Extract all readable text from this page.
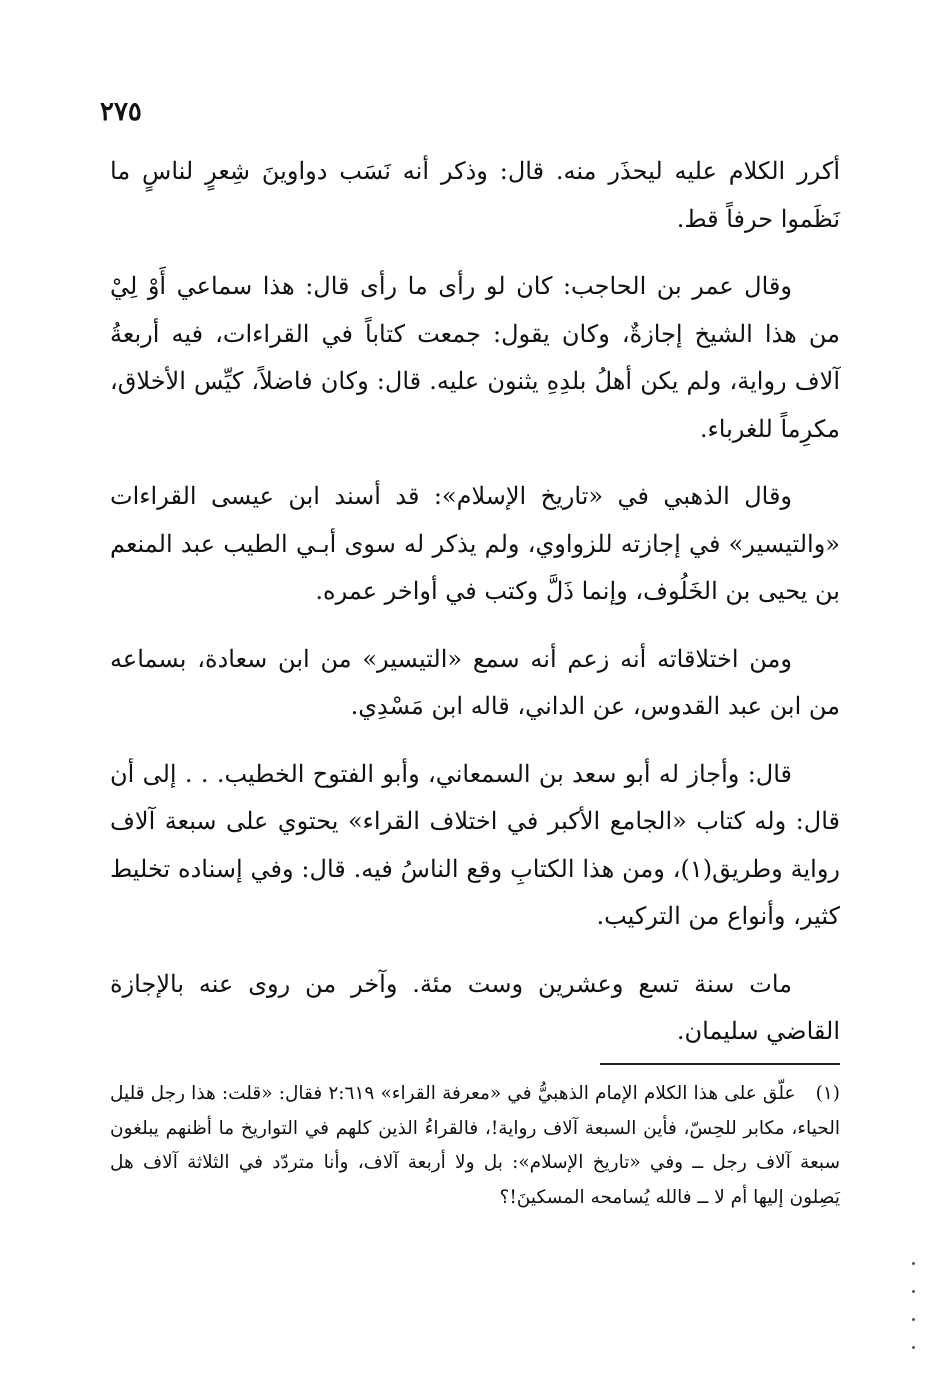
٢٧٥

أكرر الكلام عليه ليحذَر منه. قال: وذكر أنه نَسَب دواوينَ شِعرٍ لناسٍ ما نَظَموا حرفاً قط.

وقال عمر بن الحاجب: كان لو رأى ما رأى قال: هذا سماعي أَوْ لِيْ من هذا الشيخ إجازةٌ، وكان يقول: جمعت كتاباً في القراءات، فيه أربعةُ آلاف رواية، ولم يكن أهلُ بلدِهِ يثنون عليه. قال: وكان فاضلاً، كيِّس الأخلاق، مكرِماً للغرباء.

وقال الذهبي في «تاريخ الإسلام»: قد أسند ابن عيسى القراءات «والتيسير» في إجازته للزواوي، ولم يذكر له سوى أبـي الطيب عبد المنعم بن يحيى بن الخَلُوف، وإنما ذَلَّ وكتب في أواخر عمره.

ومن اختلاقاته أنه زعم أنه سمع «التيسير» من ابن سعادة، بسماعه من ابن عبد القدوس، عن الداني، قاله ابن مَسْدِي.

قال: وأجاز له أبو سعد بن السمعاني، وأبو الفتوح الخطيب. . . إلى أن قال: وله كتاب «الجامع الأكبر في اختلاف القراء» يحتوي على سبعة آلاف رواية وطريق(١)، ومن هذا الكتابِ وقع الناسُ فيه. قال: وفي إسناده تخليط كثير، وأنواع من التركيب.

مات سنة تسع وعشرين وست مئة. وآخر من روى عنه بالإجازة القاضي سليمان.

(١) علّق على هذا الكلام الإمام الذهبيُّ في «معرفة القراء» ٢:٦١٩ فقال: «قلت: هذا رجل قليل الحياء، مكابر للحِسّ، فأين السبعة آلاف رواية!، فالقراءُ الذين كلهم في التواريخ ما أظنهم يبلغون سبعة آلاف رجل ــ وفي «تاريخ الإسلام»: بل ولا أربعة آلاف، وأنا متردّد في الثلاثة آلاف هل يَصِلون إليها أم لا ــ فالله يُسامحه المسكينَ!؟
